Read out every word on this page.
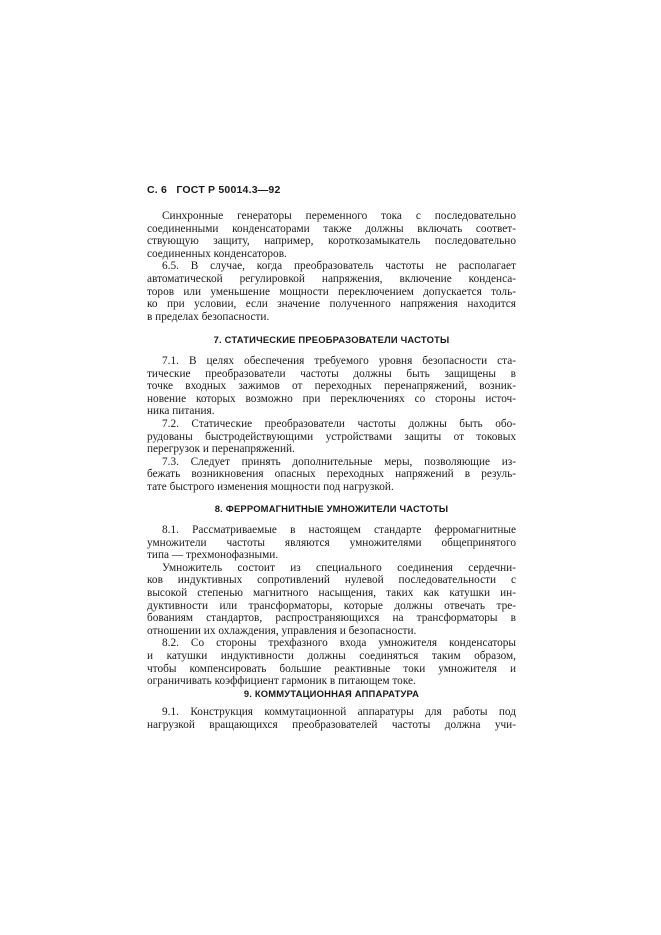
С. 6 ГОСТ Р 50014.3—92
Синхронные генераторы переменного тока с последовательно
соединенными конденсаторами также должны включать соответ-
ствующую защиту, например, короткозамыкатель последовательно
соединенных конденсаторов.
6.5. В случае, когда преобразователь частоты не располагает
автоматической регулировкой напряжения, включение конденса-
торов или уменьшение мощности переключением допускается толь-
ко при условии, если значение полученного напряжения находится
в пределах безопасности.
7. СТАТИЧЕСКИЕ ПРЕОБРАЗОВАТЕЛИ ЧАСТОТЫ
7.1. В целях обеспечения требуемого уровня безопасности ста-
тические преобразователи частоты должны быть защищены в
точке входных зажимов от переходных перенапряжений, возник-
новение которых возможно при переключениях со стороны источ-
ника питания.
7.2. Статические преобразователи частоты должны быть обо-
рудованы быстродействующими устройствами защиты от токовых
перегрузок и перенапряжений.
7.3. Следует принять дополнительные меры, позволяющие из-
бежать возникновения опасных переходных напряжений в резуль-
тате быстрого изменения мощности под нагрузкой.
8. ФЕРРОМАГНИТНЫЕ УМНОЖИТЕЛИ ЧАСТОТЫ
8.1. Рассматриваемые в настоящем стандарте ферромагнитные
умножители частоты являются умножителями общепринятого
типа — трехмонофазными.
Умножитель состоит из специального соединения сердечни-
ков индуктивных сопротивлений нулевой последовательности с
высокой степенью магнитного насыщения, таких как катушки ин-
дуктивности или трансформаторы, которые должны отвечать тре-
бованиям стандартов, распространяющихся на трансформаторы в
отношении их охлаждения, управления и безопасности.
8.2. Со стороны трехфазного входа умножителя конденсаторы
и катушки индуктивности должны соединяться таким образом,
чтобы компенсировать большие реактивные токи умножителя и
ограничивать коэффициент гармоник в питающем токе.
9. КОММУТАЦИОННАЯ АППАРАТУРА
9.1. Конструкция коммутационной аппаратуры для работы под
нагрузкой вращающихся преобразователей частоты должна учи-
